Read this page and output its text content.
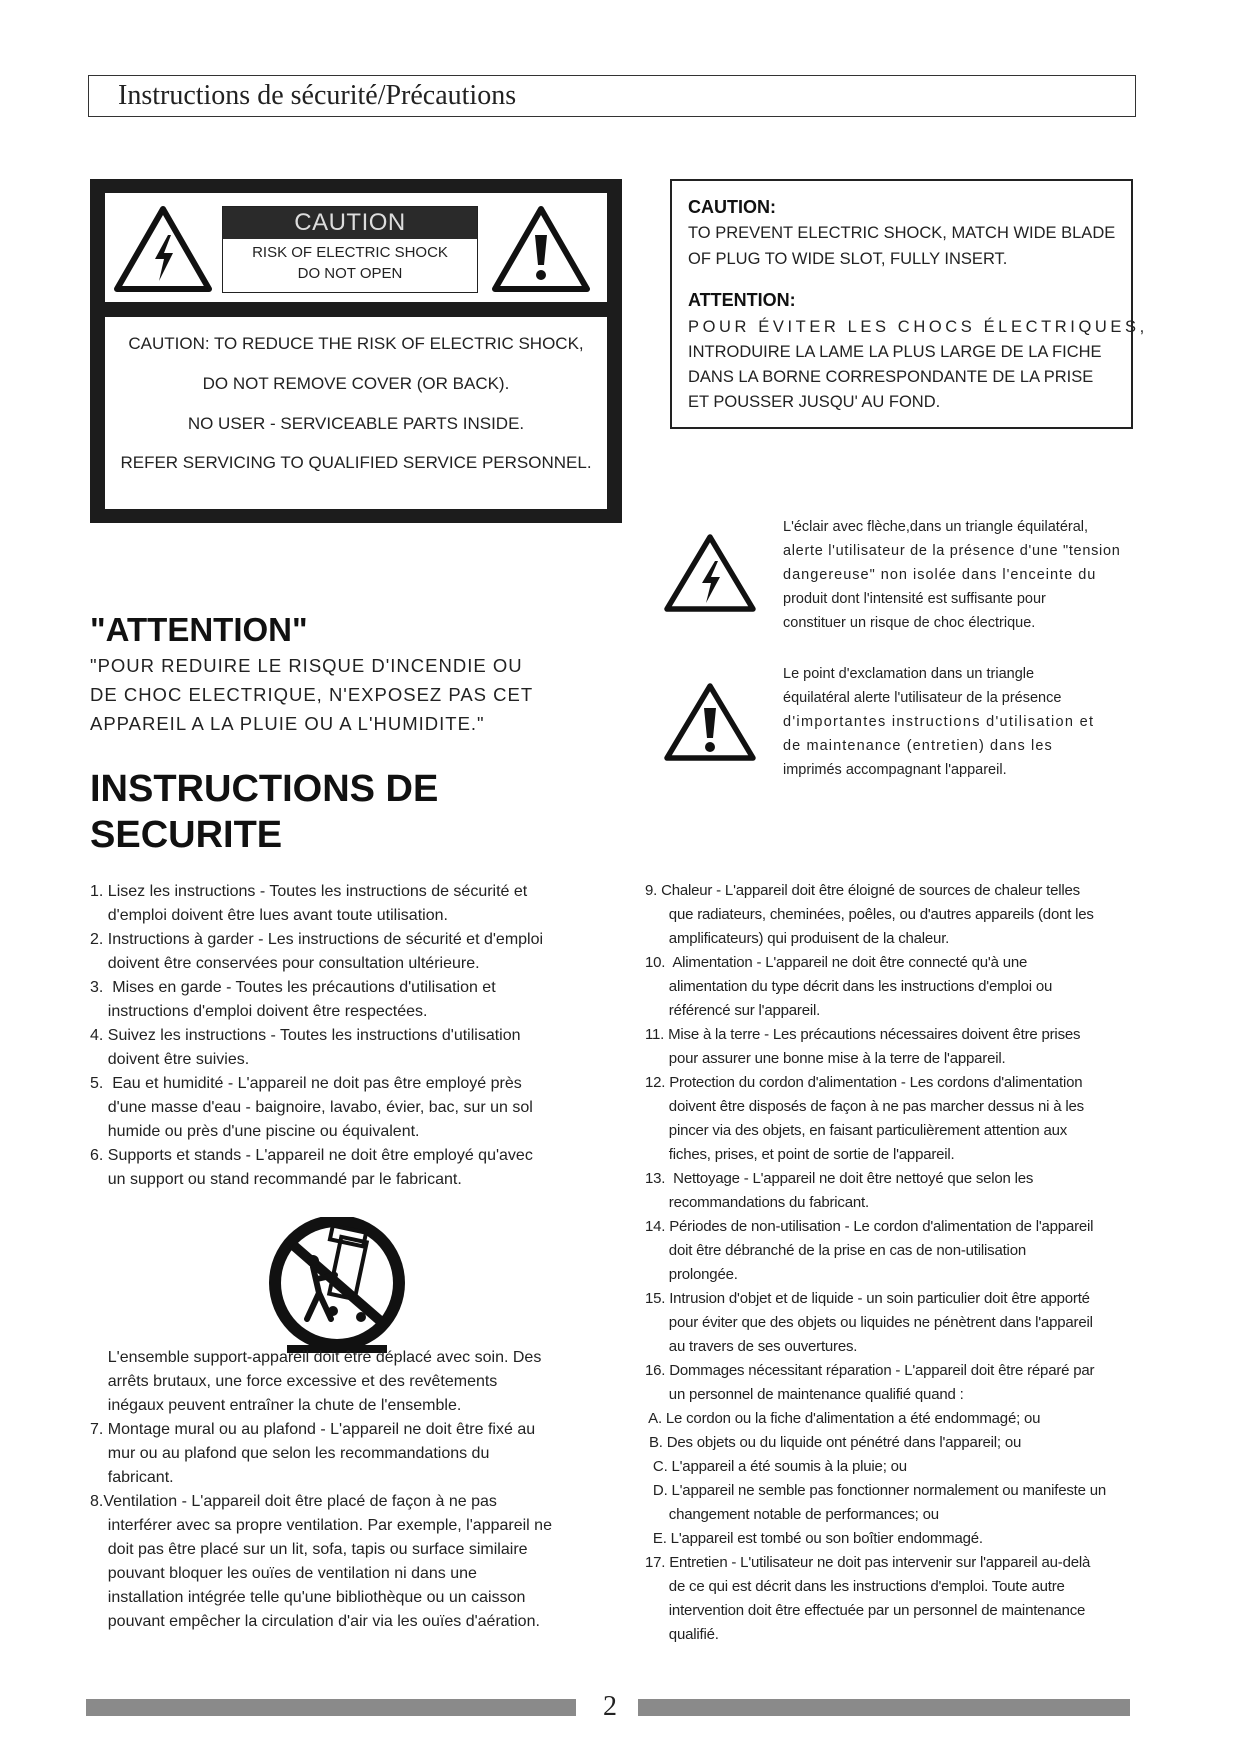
Instructions de sécurité/Précautions
CAUTION
RISK OF ELECTRIC SHOCK
DO NOT OPEN
CAUTION: TO REDUCE THE RISK OF ELECTRIC SHOCK,
DO NOT REMOVE COVER (OR BACK).
NO USER - SERVICEABLE PARTS INSIDE.
REFER SERVICING TO QUALIFIED SERVICE PERSONNEL.
CAUTION:
TO PREVENT ELECTRIC SHOCK, MATCH WIDE BLADE
OF PLUG TO WIDE SLOT, FULLY INSERT.
ATTENTION:
POUR ÉVITER LES CHOCS ÉLECTRIQUES,
INTRODUIRE LA LAME LA PLUS LARGE DE LA FICHE
DANS LA BORNE CORRESPONDANTE DE LA PRISE
ET POUSSER JUSQU' AU FOND.
L'éclair avec flèche,dans un triangle équilatéral,
alerte l'utilisateur de la présence d'une "tension
dangereuse" non isolée dans l'enceinte du
produit dont l'intensité est suffisante pour
constituer un risque de choc électrique.
Le point d'exclamation dans un triangle
équilatéral alerte l'utilisateur de la présence
d'importantes instructions d'utilisation et
de maintenance (entretien) dans les
imprimés accompagnant l'appareil.
"ATTENTION"
"POUR REDUIRE LE RISQUE D'INCENDIE OU
DE CHOC ELECTRIQUE, N'EXPOSEZ PAS CET
APPAREIL A LA PLUIE OU A L'HUMIDITE."
INSTRUCTIONS DE
SECURITE
1. Lisez les instructions - Toutes les instructions de sécurité et
d'emploi doivent être lues avant toute utilisation.
2. Instructions à garder - Les instructions de sécurité et d'emploi
doivent être conservées pour consultation ultérieure.
3.  Mises en garde - Toutes les précautions d'utilisation et
instructions d'emploi doivent être respectées.
4. Suivez les instructions - Toutes les instructions d'utilisation
doivent être suivies.
5.  Eau et humidité - L'appareil ne doit pas être employé près
d'une masse d'eau - baignoire, lavabo, évier, bac, sur un sol
humide ou près d'une piscine ou équivalent.
6. Supports et stands - L'appareil ne doit être employé qu'avec
un support ou stand recommandé par le fabricant.
L'ensemble support-appareil doit être déplacé avec soin. Des
arrêts brutaux, une force excessive et des revêtements
inégaux peuvent entraîner la chute de l'ensemble.
7. Montage mural ou au plafond - L'appareil ne doit être fixé au
mur ou au plafond que selon les recommandations du
fabricant.
8.Ventilation - L'appareil doit être placé de façon à ne pas
interférer avec sa propre ventilation. Par exemple, l'appareil ne
doit pas être placé sur un lit, sofa, tapis ou surface similaire
pouvant bloquer les ouïes de ventilation ni dans une
installation intégrée telle qu'une bibliothèque ou un caisson
pouvant empêcher la circulation d'air via les ouïes d'aération.
9. Chaleur - L'appareil doit être éloigné de sources de chaleur telles
que radiateurs, cheminées, poêles, ou d'autres appareils (dont les
amplificateurs) qui produisent de la chaleur.
10.  Alimentation - L'appareil ne doit être connecté qu'à une
alimentation du type décrit dans les instructions d'emploi ou
référencé sur l'appareil.
11. Mise à la terre - Les précautions nécessaires doivent être prises
pour assurer une bonne mise à la terre de l'appareil.
12. Protection du cordon d'alimentation - Les cordons d'alimentation
doivent être disposés de façon à ne pas marcher dessus ni à les
pincer via des objets, en faisant particulièrement attention aux
fiches, prises, et point de sortie de l'appareil.
13.  Nettoyage - L'appareil ne doit être nettoyé que selon les
recommandations du fabricant.
14. Périodes de non-utilisation - Le cordon d'alimentation de l'appareil
doit être débranché de la prise en cas de non-utilisation
prolongée.
15. Intrusion d'objet et de liquide - un soin particulier doit être apporté
pour éviter que des objets ou liquides ne pénètrent dans l'appareil
au travers de ses ouvertures.
16. Dommages nécessitant réparation - L'appareil doit être réparé par
un personnel de maintenance qualifié quand :
A. Le cordon ou la fiche d'alimentation a été endommagé; ou
B. Des objets ou du liquide ont pénétré dans l'appareil; ou
C. L'appareil a été soumis à la pluie; ou
D. L'appareil ne semble pas fonctionner normalement ou manifeste un
changement notable de performances; ou
E. L'appareil est tombé ou son boîtier endommagé.
17. Entretien - L'utilisateur ne doit pas intervenir sur l'appareil au-delà
de ce qui est décrit dans les instructions d'emploi. Toute autre
intervention doit être effectuée par un personnel de maintenance
qualifié.
2
